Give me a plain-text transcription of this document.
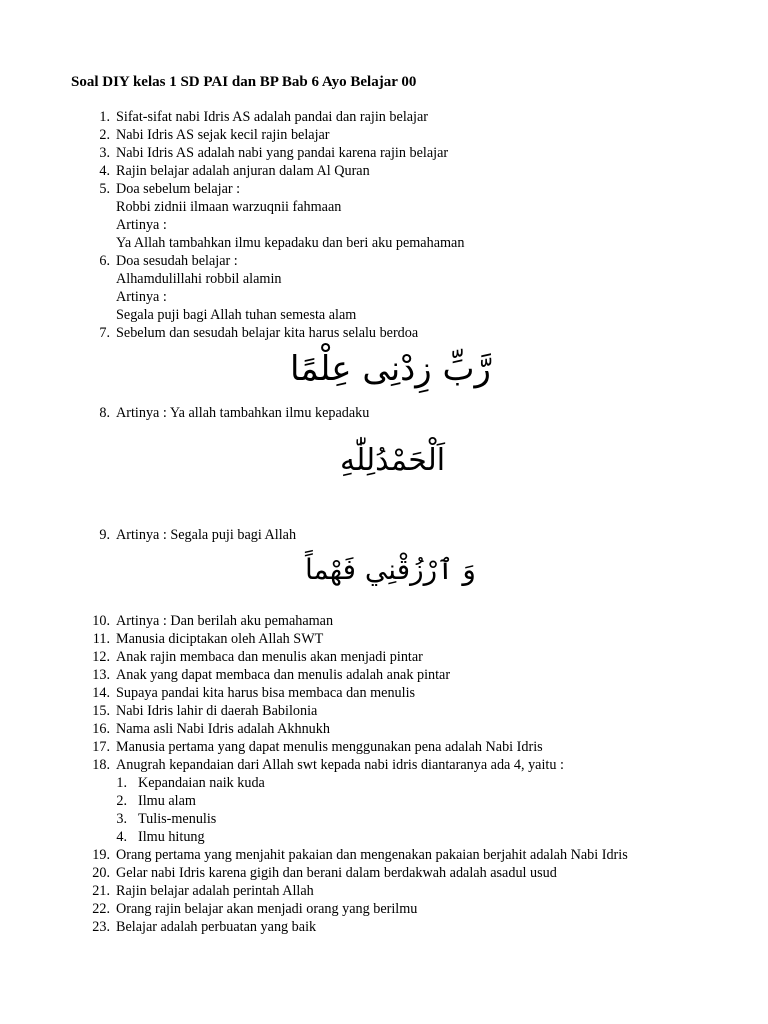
Soal DIY kelas 1 SD PAI dan BP Bab 6 Ayo Belajar 00
1. Sifat-sifat nabi Idris AS adalah pandai dan rajin belajar
2. Nabi Idris AS sejak kecil rajin belajar
3. Nabi Idris AS adalah nabi yang pandai karena rajin belajar
4. Rajin belajar adalah anjuran dalam Al Quran
5. Doa sebelum belajar :
Robbi zidnii ilmaan warzuqnii fahmaan
Artinya :
Ya Allah tambahkan ilmu kepadaku dan beri aku pemahaman
6. Doa sesudah belajar :
Alhamdulillahi robbil alamin
Artinya :
Segala puji bagi Allah tuhan semesta alam
7. Sebelum dan sesudah belajar kita harus selalu berdoa
رَّبِّ زِدْنِى عِلْمًا
8. Artinya : Ya allah tambahkan ilmu kepadaku
اَلْحَمْدُلِلّٰهِ
9. Artinya : Segala puji bagi Allah
وَ ٱرْزُقْنِي فَهْماً
10. Artinya : Dan berilah aku pemahaman
11. Manusia diciptakan oleh Allah SWT
12. Anak rajin membaca dan menulis akan menjadi pintar
13. Anak yang dapat membaca dan menulis adalah anak pintar
14. Supaya pandai kita harus bisa membaca dan menulis
15. Nabi Idris lahir di daerah Babilonia
16. Nama asli Nabi Idris adalah Akhnukh
17. Manusia pertama yang dapat menulis menggunakan pena adalah Nabi Idris
18. Anugrah kepandaian dari Allah swt kepada nabi idris diantaranya ada 4, yaitu :
1. Kepandaian naik kuda
2. Ilmu alam
3. Tulis-menulis
4. Ilmu hitung
19. Orang pertama yang menjahit pakaian dan mengenakan pakaian berjahit adalah Nabi Idris
20. Gelar nabi Idris karena gigih dan berani dalam berdakwah adalah asadul usud
21. Rajin belajar adalah perintah Allah
22. Orang rajin belajar akan menjadi orang yang berilmu
23. Belajar adalah perbuatan yang baik
